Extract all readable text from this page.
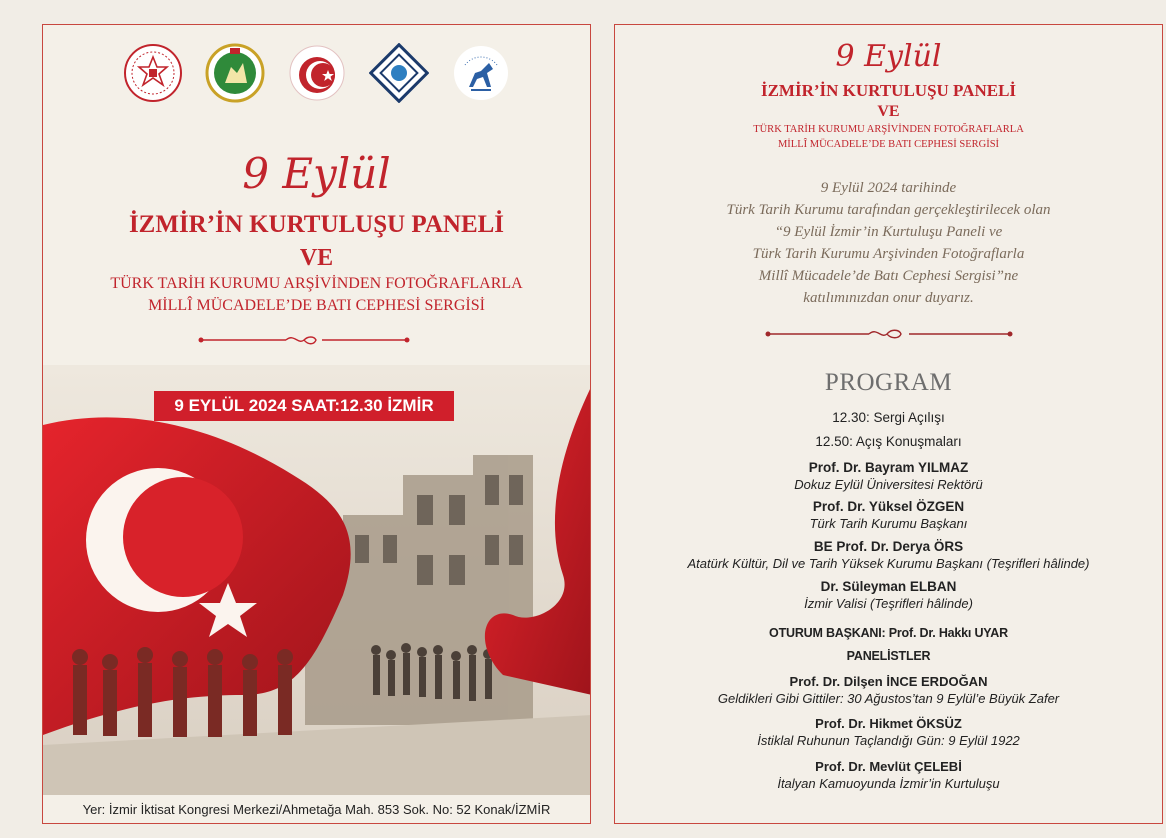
9 Eylül
İZMİR’İN KURTULUŞU PANELİ
VE
TÜRK TARİH KURUMU ARŞİVİNDEN FOTOĞRAFLARLA
MİLLÎ MÜCADELE’DE BATI CEPHESİ SERGİSİ
9 EYLÜL 2024 SAAT:12.30 İZMİR
Yer: İzmir İktisat Kongresi Merkezi/Ahmetağa Mah. 853 Sok. No: 52 Konak/İZMİR
9 Eylül
İZMİR’İN KURTULUŞU PANELİ
VE
TÜRK TARİH KURUMU ARŞİVİNDEN FOTOĞRAFLARLA
MİLLÎ MÜCADELE’DE BATI CEPHESİ SERGİSİ
9 Eylül 2024 tarihinde
Türk Tarih Kurumu tarafından gerçekleştirilecek olan
“9 Eylül İzmir’in Kurtuluşu Paneli ve
Türk Tarih Kurumu Arşivinden Fotoğraflarla
Millî Mücadele’de Batı Cephesi Sergisi”ne
katılımınızdan onur duyarız.
PROGRAM
12.30: Sergi Açılışı
12.50: Açış Konuşmaları
Prof. Dr. Bayram YILMAZ
Dokuz Eylül Üniversitesi Rektörü
Prof. Dr. Yüksel ÖZGEN
Türk Tarih Kurumu Başkanı
BE Prof. Dr. Derya ÖRS
Atatürk Kültür, Dil ve Tarih Yüksek Kurumu Başkanı (Teşrifleri hâlinde)
Dr. Süleyman ELBAN
İzmir Valisi (Teşrifleri hâlinde)
OTURUM BAŞKANI: Prof. Dr. Hakkı UYAR
PANELİSTLER
Prof. Dr. Dilşen İNCE ERDOĞAN
Geldikleri Gibi Gittiler: 30 Ağustos’tan 9 Eylül’e Büyük Zafer
Prof. Dr. Hikmet ÖKSÜZ
İstiklal Ruhunun Taçlandığı Gün: 9 Eylül 1922
Prof. Dr. Mevlüt ÇELEBİ
İtalyan Kamuoyunda İzmir’in Kurtuluşu
